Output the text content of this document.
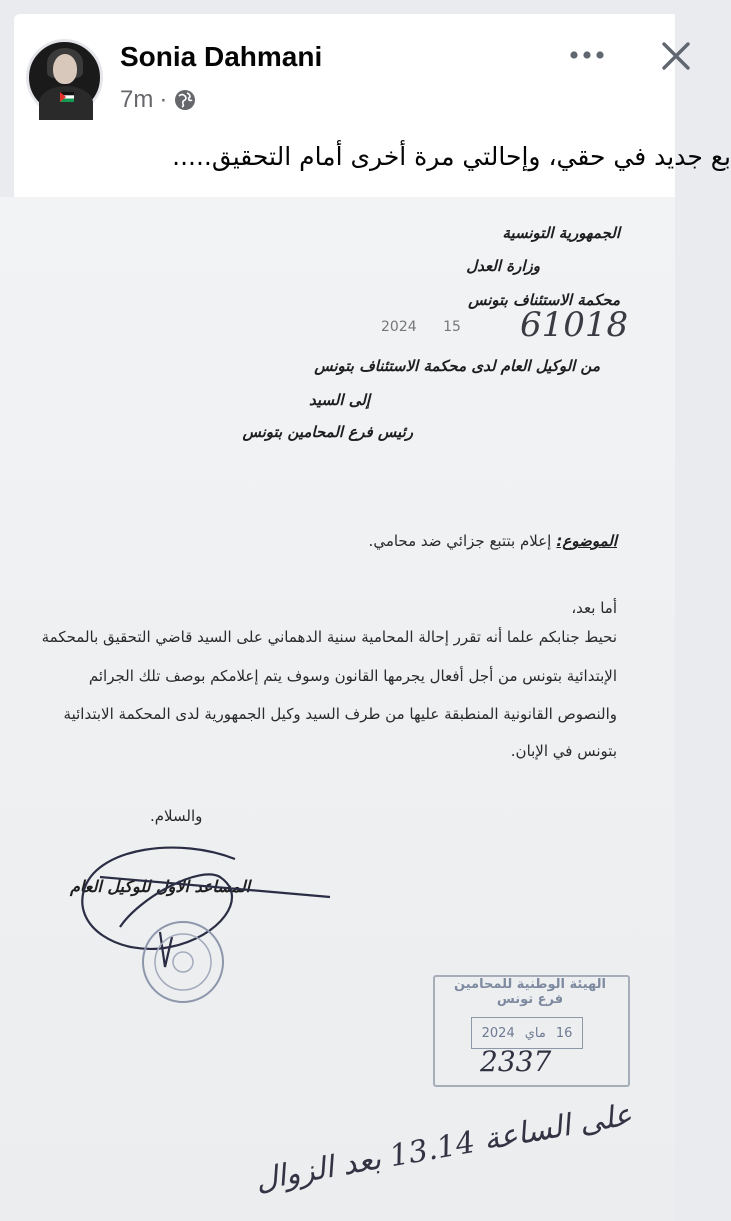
Sonia Dahmani
7m ·
بع جديد في حقي، وإحالتي مرة أخرى أمام التحقيق.....
الجمهورية التونسية
وزارة العدل
محكمة الاستئناف بتونس
2024 15 61018
من الوكيل العام لدى محكمة الاستئناف بتونس
إلى السيد
رئيس فرع المحامين بتونس
الموضوع: إعلام بتتبع جزائي ضد محامي.
أما بعد،
نحيط جنابكم علما أنه تقرر إحالة المحامية سنية الدهماني على السيد قاضي التحقيق بالمحكمة
الإبتدائية بتونس من أجل أفعال يجرمها القانون وسوف يتم إعلامكم بوصف تلك الجرائم
والنصوص القانونية المنطبقة عليها من طرف السيد وكيل الجمهورية لدى المحكمة الابتدائية
بتونس في الإبان.
والسلام.
المساعد الاول للوكيل العام
الهيئة الوطنية للمحامين
فرع تونس
2024 ماي 16
2337
على الساعة 13.14 بعد الزوال
